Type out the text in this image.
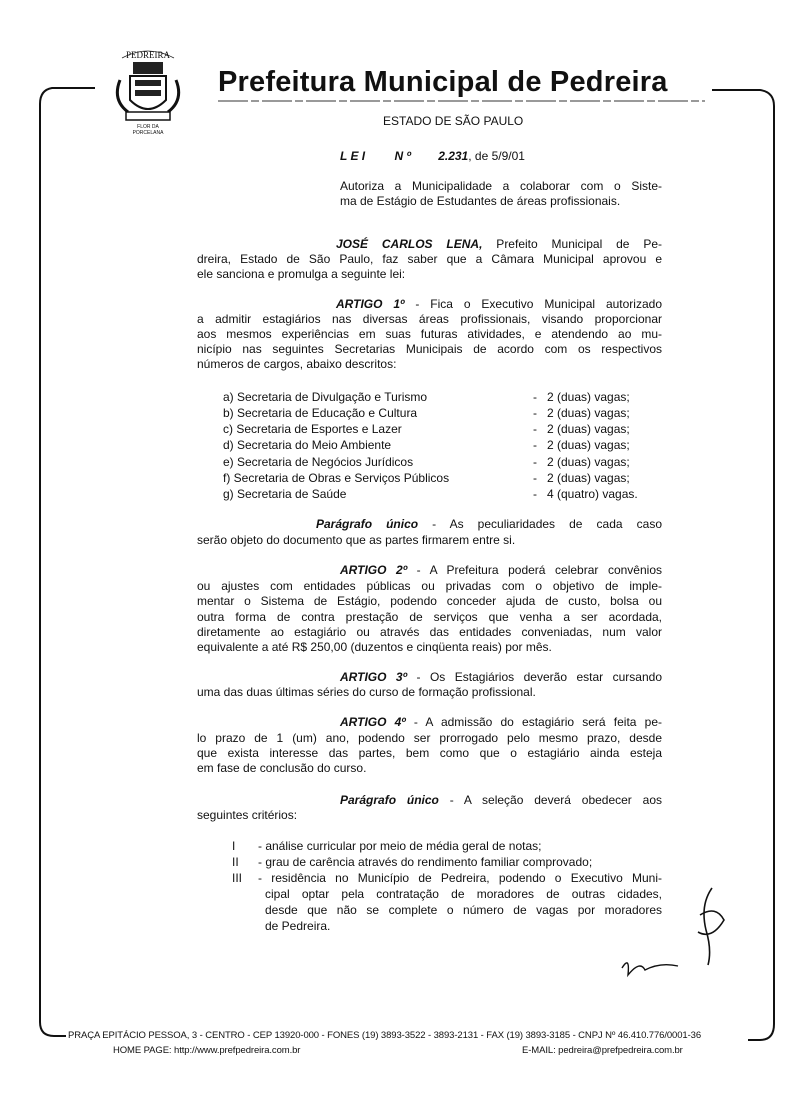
PEDREIRA
FLOR DA
PORCELANA
Prefeitura Municipal de Pedreira
ESTADO DE SÃO PAULO
L E I N º 2.231, de 5/9/01
Autoriza a Municipalidade a colaborar com o Siste-
ma de Estágio de Estudantes de áreas profissionais.
JOSÉ CARLOS LENA, Prefeito Municipal de Pe-
dreira, Estado de São Paulo, faz saber que a Câmara Municipal aprovou e
ele sanciona e promulga a seguinte lei:
ARTIGO 1º - Fica o Executivo Municipal autorizado
a admitir estagiários nas diversas áreas profissionais, visando proporcionar
aos mesmos experiências em suas futuras atividades, e atendendo ao mu-
nicípio nas seguintes Secretarias Municipais de acordo com os respectivos
números de cargos, abaixo descritos:
a) Secretaria de Divulgação e Turismo	-   2 (duas) vagas;
b) Secretaria de Educação e Cultura	-   2 (duas) vagas;
c) Secretaria de Esportes e Lazer	-   2 (duas) vagas;
d) Secretaria do Meio Ambiente	-   2 (duas) vagas;
e) Secretaria de Negócios Jurídicos	-   2 (duas) vagas;
f) Secretaria de Obras e Serviços Públicos	-   2 (duas) vagas;
g) Secretaria de Saúde	-   4 (quatro) vagas.
Parágrafo único - As peculiaridades de cada caso
serão objeto do documento que as partes firmarem entre si.
ARTIGO 2º - A Prefeitura poderá celebrar convênios
ou ajustes com entidades públicas ou privadas com o objetivo de imple-
mentar o Sistema de Estágio, podendo conceder ajuda de custo, bolsa ou
outra forma de contra prestação de serviços que venha a ser acordada,
diretamente ao estagiário ou através das entidades conveniadas, num valor
equivalente a até R$ 250,00 (duzentos e cinqüenta reais) por mês.
ARTIGO 3º - Os Estagiários deverão estar cursando
uma das duas últimas séries do curso de formação profissional.
ARTIGO 4º - A admissão do estagiário será feita pe-
lo prazo de 1 (um) ano, podendo ser prorrogado pelo mesmo prazo, desde
que exista interesse das partes, bem como que o estagiário ainda esteja
em fase de conclusão do curso.
Parágrafo único - A seleção deverá obedecer aos
seguintes critérios:
I - análise curricular por meio de média geral de notas;
II - grau de carência através do rendimento familiar comprovado;
III - residência no Município de Pedreira, podendo o Executivo Muni-
cipal optar pela contratação de moradores de outras cidades,
desde que não se complete o número de vagas por moradores
de Pedreira.
PRAÇA EPITÁCIO PESSOA, 3 - CENTRO - CEP 13920-000 - FONES (19) 3893-3522 - 3893-2131 - FAX (19) 3893-3185 - CNPJ Nº 46.410.776/0001-36
HOME PAGE: http://www.prefpedreira.com.br	E-MAIL: pedreira@prefpedreira.com.br
